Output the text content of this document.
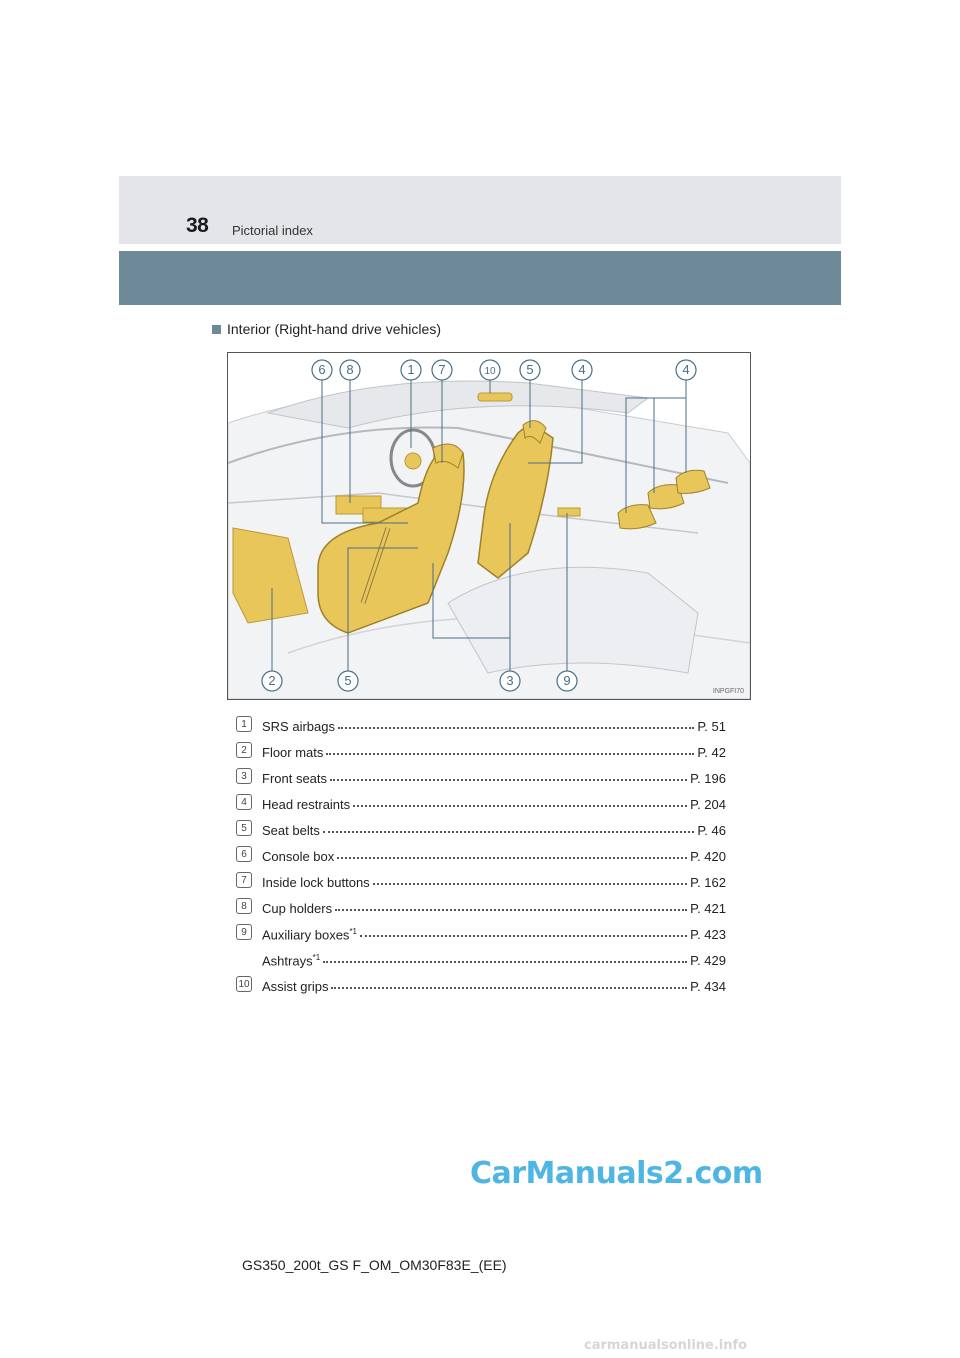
38 Pictorial index
Interior (Right-hand drive vehicles)
6 8	1 7	10 5	4	4
2	5	3	9
INPGFI70
1	SRS airbags	P. 51
2	Floor mats	P. 42
3	Front seats	P. 196
4	Head restraints	P. 204
5	Seat belts	P. 46
6	Console box	P. 420
7	Inside lock buttons	P. 162
8	Cup holders	P. 421
9	Auxiliary boxes$^{*1}$	P. 423
Ashtrays$^{*1}$	P. 429
10 Assist grips	P. 434
GS350_200t_GS F_OM_OM30F83E_(EE)
CarManuals2.com
carmanualsonline.info
